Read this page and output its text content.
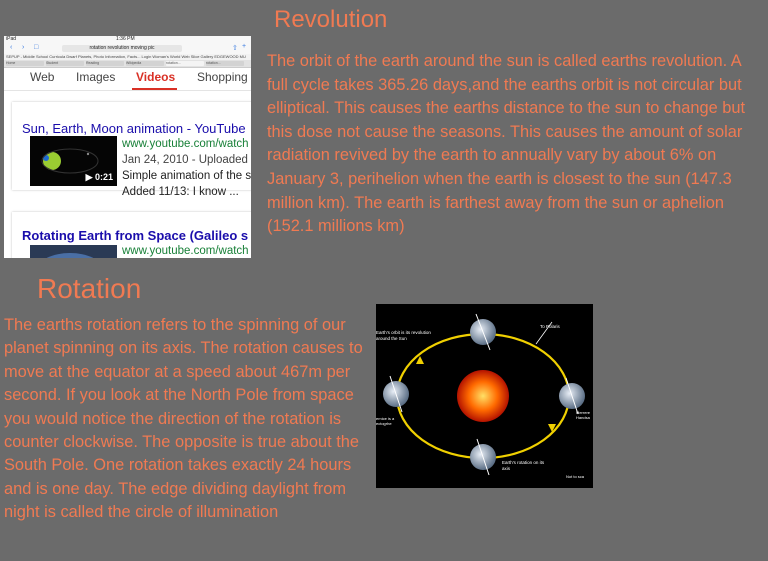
Revolution

The orbit of the earth around the sun is called earths revolution. A full cycle takes 365.26 days,and the earths orbit is not circular but elliptical. This causes the earths distance to the sun to change but this dose not cause the seasons. This causes the amount of solar radiation revived by the earth to annually vary by about 6% on January 3, perihelion when the earth is closest to the sun (147.3 million km). The earth is farthest away from the sun or aphelion (152.1 millions km)

Rotation

The earths rotation refers to the spinning of our planet spinning on its axis. The rotation causes to move at the equator at a speed about 467m per second. If you look at the North Pole from space you would notice the direction of the rotation is counter clockwise. The opposite is true about the South Pole. One rotation takes exactly 24 hours and is one day. The edge dividing daylight from night is called the circle of illumination

iPad	1:36 PM
‹ › □	rotation revolution moving pic	⇧ +
SEPUP - Middle School Curricula Dwarf Planets, Photo Information, Facts... Login Woman's World Web Slice Gallery EDGEWOOD MU
Home	Student	Reading	Wikipedia	rotation...	rotation...
Web Images Videos Shopping
Sun, Earth, Moon animation - YouTube
www.youtube.com/watch
Jan 24, 2010 - Uploaded
Simple animation of the s
Added 11/13: I know ...
▶ 0:21
Rotating Earth from Space (Galileo s
www.youtube.com/watch
Earth's orbit is its revolution around the Sun
To Polaris
ernice is a ectogrhe
Merrere Handsa
Earth's rotation on its axis
Not to sca
